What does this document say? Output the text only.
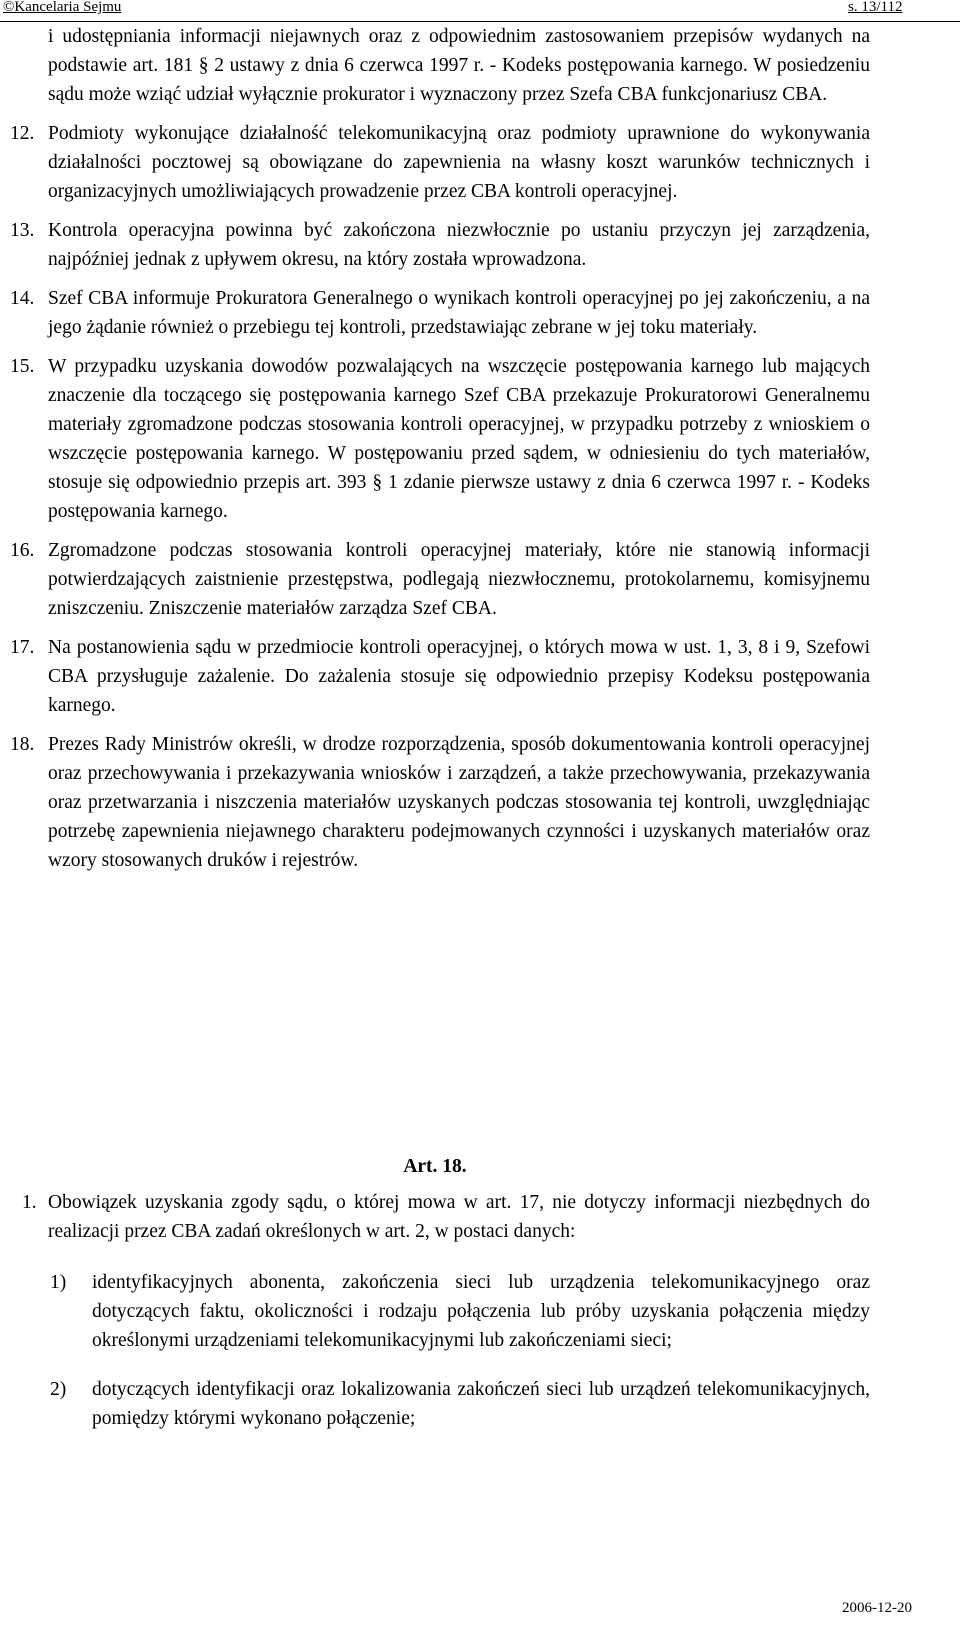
©Kancelaria Sejmu	s. 13/112

i udostępniania informacji niejawnych oraz z odpowiednim zastosowaniem przepisów wydanych na podstawie art. 181 § 2 ustawy z dnia 6 czerwca 1997 r. - Kodeks postępowania karnego. W posiedzeniu sądu może wziąć udział wyłącznie prokurator i wyznaczony przez Szefa CBA funkcjonariusz CBA.

12. Podmioty wykonujące działalność telekomunikacyjną oraz podmioty uprawnione do wykonywania działalności pocztowej są obowiązane do zapewnienia na własny koszt warunków technicznych i organizacyjnych umożliwiających prowadzenie przez CBA kontroli operacyjnej.

13. Kontrola operacyjna powinna być zakończona niezwłocznie po ustaniu przyczyn jej zarządzenia, najpóźniej jednak z upływem okresu, na który została wprowadzona.

14. Szef CBA informuje Prokuratora Generalnego o wynikach kontroli operacyjnej po jej zakończeniu, a na jego żądanie również o przebiegu tej kontroli, przedstawiając zebrane w jej toku materiały.

15. W przypadku uzyskania dowodów pozwalających na wszczęcie postępowania karnego lub mających znaczenie dla toczącego się postępowania karnego Szef CBA przekazuje Prokuratorowi Generalnemu materiały zgromadzone podczas stosowania kontroli operacyjnej, w przypadku potrzeby z wnioskiem o wszczęcie postępowania karnego. W postępowaniu przed sądem, w odniesieniu do tych materiałów, stosuje się odpowiednio przepis art. 393 § 1 zdanie pierwsze ustawy z dnia 6 czerwca 1997 r. - Kodeks postępowania karnego.

16. Zgromadzone podczas stosowania kontroli operacyjnej materiały, które nie stanowią informacji potwierdzających zaistnienie przestępstwa, podlegają niezwłocznemu, protokolarnemu, komisyjnemu zniszczeniu. Zniszczenie materiałów zarządza Szef CBA.

17. Na postanowienia sądu w przedmiocie kontroli operacyjnej, o których mowa w ust. 1, 3, 8 i 9, Szefowi CBA przysługuje zażalenie. Do zażalenia stosuje się odpowiednio przepisy Kodeksu postępowania karnego.

18. Prezes Rady Ministrów określi, w drodze rozporządzenia, sposób dokumentowania kontroli operacyjnej oraz przechowywania i przekazywania wniosków i zarządzeń, a także przechowywania, przekazywania oraz przetwarzania i niszczenia materiałów uzyskanych podczas stosowania tej kontroli, uwzględniając potrzebę zapewnienia niejawnego charakteru podejmowanych czynności i uzyskanych materiałów oraz wzory stosowanych druków i rejestrów.

Art. 18.

1. Obowiązek uzyskania zgody sądu, o której mowa w art. 17, nie dotyczy informacji niezbędnych do realizacji przez CBA zadań określonych w art. 2, w postaci danych:

1) identyfikacyjnych abonenta, zakończenia sieci lub urządzenia telekomunikacyjnego oraz dotyczących faktu, okoliczności i rodzaju połączenia lub próby uzyskania połączenia między określonymi urządzeniami telekomunikacyjnymi lub zakończeniami sieci;

2) dotyczących identyfikacji oraz lokalizowania zakończeń sieci lub urządzeń telekomunikacyjnych, pomiędzy którymi wykonano połączenie;

2006-12-20
